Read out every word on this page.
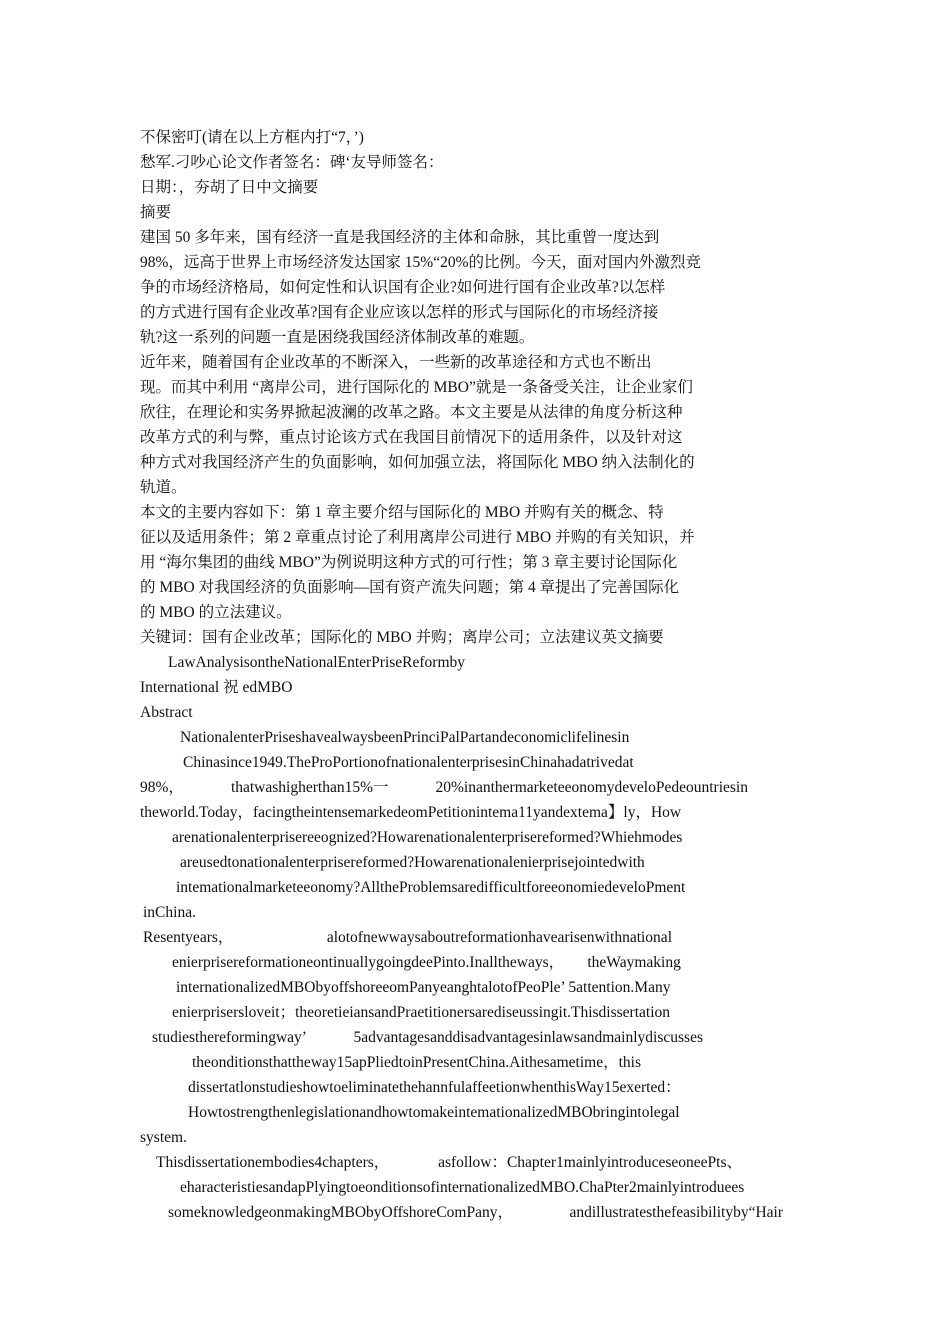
不保密叮(请在以上方框内打“7，’)
愁军.刁吵心论文作者签名：碑‘友导师签名：
日期：，夯胡了日中文摘要
摘要
建国 50 多年来，国有经济一直是我国经济的主体和命脉，其比重曾一度达到
98%，远高于世界上市场经济发达国家 15%“20%的比例。今天，面对国内外激烈竞
争的市场经济格局，如何定性和认识国有企业?如何进行国有企业改革?以怎样
的方式进行国有企业改革?国有企业应该以怎样的形式与国际化的市场经济接
轨?这一系列的问题一直是困绕我国经济体制改革的难题。
近年来，随着国有企业改革的不断深入，一些新的改革途径和方式也不断出
现。而其中利用 “离岸公司，进行国际化的 MBO”就是一条备受关注，让企业家们
欣往，在理论和实务界掀起波澜的改革之路。本文主要是从法律的角度分析这种
改革方式的利与弊，重点讨论该方式在我国目前情况下的适用条件，以及针对这
种方式对我国经济产生的负面影响，如何加强立法，将国际化 MBO 纳入法制化的
轨道。
本文的主要内容如下：第 1 章主要介绍与国际化的 MBO 并购有关的概念、特
征以及适用条件；第 2 章重点讨论了利用离岸公司进行 MBO 并购的有关知识，并
用 “海尔集团的曲线 MBO”为例说明这种方式的可行性；第 3 章主要讨论国际化
的 MBO 对我国经济的负面影响—国有资产流失问题；第 4 章提出了完善国际化
的 MBO 的立法建议。
关键词：国有企业改革；国际化的 MBO 并购；离岸公司；立法建议英文摘要
LawAnalysisontheNationalEnterPriseReformby
International 祝 edMBO
Abstract
NationalenterPriseshavealwaysbeenPrinciPalPartandeconomiclifelinesin
Chinasince1949.TheProPortionofnationalenterprisesinChinahadatrivedat
98%，	thatwashigherthan15%一	20%inanthermarketeeonomydeveloPedeountriesin
theworld.Today，facingtheintensemarkedeomPetitionintema11yandextema】ly，How
arenationalenterprisereeognized?Howarenationalenterprisereformed?Whiehmodes
areusedtonationalenterprisereformed?Howarenationalenierprisejointedwith
intemationalmarketeeonomy?AlltheProblemsaredifficultforeeonomiedeveloPment
inChina.
Resentyears，	alotofnewwaysaboutreformationhavearisenwithnational
enierprisereformationeontinuallygoingdeePinto.Inalltheways，　　theWaymaking
internationalizedMBObyoffshoreeomPanyeanghtalotofPeoPle’ 5attention.Many
enierprisersloveit；theoretieiansandPraetitionersarediseussingit.Thisdissertation
studiesthereformingway’	5advantagesanddisadvantagesinlawsandmainlydiscusses
theonditionsthattheway15apPliedtoinPresentChina.Aithesametime，this
dissertatlonstudieshowtoeliminatethehannfulaffeetionwhenthisWay15exerted：
HowtostrengthenlegislationandhowtomakeintemationalizedMBObringintolegal
system.
Thisdissertationembodies4chapters，	asfollow：Chapter1mainlyintroduceseoneePts、
eharacteristiesandapPlyingtoeonditionsofinternationalizedMBO.ChaPter2mainlyintroduees
someknowledgeonmakingMBObyOffshoreComPany，	andillustratesthefeasibilityby“Hair
